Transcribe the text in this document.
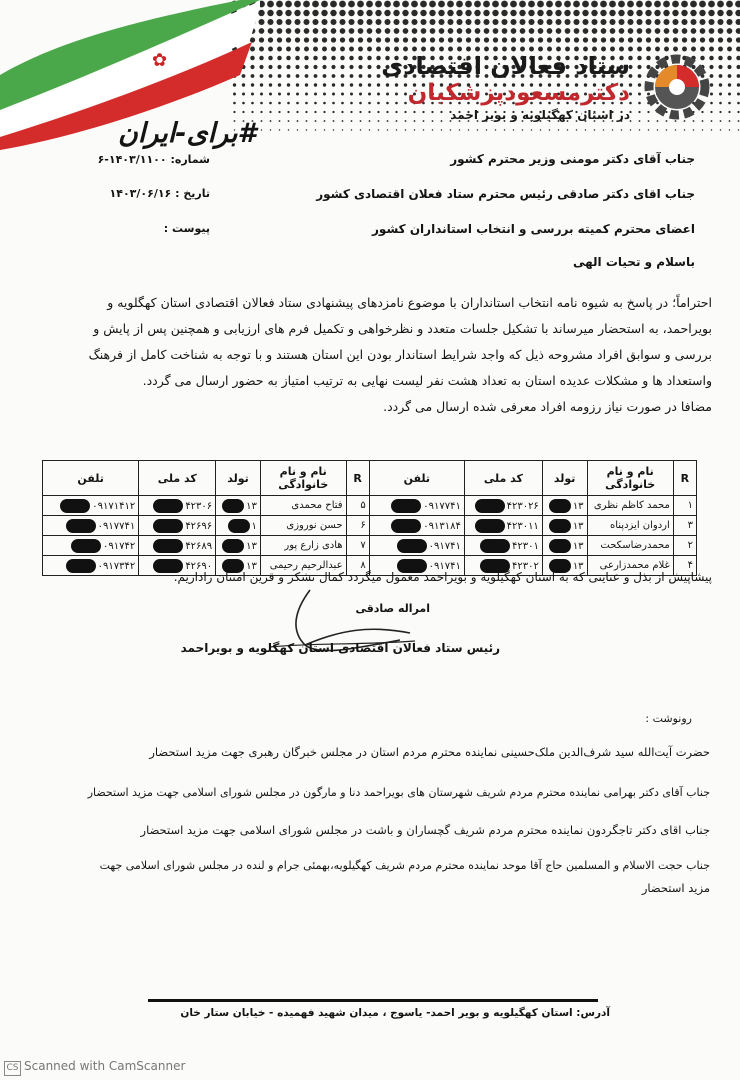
✿	ستاد فعالان اقتصادی
دکترمسعودپزشکیان
در استان کهگیلویه و بویر احمد
#برای-ایران
شماره: ۱۴۰۳/۱۱۰۰-۶
تاریخ : ۱۴۰۳/۰۶/۱۶
پیوست :
جناب آقای دکتر مومنی وزیر محترم کشور
جناب اقای دکتر صادقی رئیس محترم ستاد فعلان اقتصادی کشور
اعضای محترم کمیته بررسی و انتخاب استانداران کشور
باسلام و تحیات الهی
احتراماً؛ در پاسخ به شیوه نامه انتخاب استانداران با موضوع نامزدهای پیشنهادی ستاد فعالان اقتصادی استان کهگلویه و
بویراحمد، به استحضار میرساند با تشکیل جلسات متعدد و نظرخواهی و تکمیل فرم های ارزیابی و همچنین پس از پایش و
بررسی و سوابق افراد مشروحه ذیل که واجد شرایط استاندار بودن این استان هستند و با توجه به شناخت کامل از فرهنگ
واستعداد ها و مشکلات عدیده استان به تعداد هشت نفر لیست نهایی به ترتیب امتیاز به حضور ارسال می گردد.
مضافا در صورت نیاز رزومه افراد معرفی شده ارسال می گردد.
R	نام و نام خانوادگی	تولد	کد ملی	تلفن	R	نام و نام خانوادگی	تولد	کد ملی	تلفن
۱	محمد کاظم نظری	۱۳	۴۲۳۰۲۶	۰۹۱۷۷۴۱	۵	فتاح محمدی	۱۳	۴۲۳۰۶	۰۹۱۷۱۴۱۲
۳	اردوان ایزدپناه	۱۳	۴۲۳۰۱۱	۰۹۱۳۱۸۴	۶	حسن نوروزی	۱	۴۲۶۹۶	۰۹۱۷۷۴۱
۲	محمدرضاسکحت	۱۳	۴۲۳۰۱	۰۹۱۷۴۱	۷	هادی زارع پور	۱۳	۴۲۶۸۹	۰۹۱۷۴۲
۴	غلام محمدزارعی	۱۳	۴۲۳۰۲	۰۹۱۷۴۱	۸	عبدالرحیم رحیمی	۱۳	۴۲۶۹۰	۰۹۱۷۳۴۲
پیشاپیش از بذل و عنایتی که به استان کهگیلویه و بویراحمد معمول میگردد کمال تشکر و قرین امتنان راداریم.
امراله صادقی
رئیس ستاد فعالان اقتصادی استان کهگلویه و بویراحمد
رونوشت :
حضرت آیت‌الله سید شرف‌الدین ملک‌حسینی نماینده محترم مردم استان در مجلس خبرگان رهبری جهت مزید استحضار
جناب آقای دکتر بهرامی نماینده محترم مردم شریف شهرستان های بویراحمد دنا و مارگون در مجلس شورای اسلامی جهت مزید استحضار
جناب اقای دکتر تاجگردون نماینده محترم مردم شریف گچساران و باشت در مجلس شورای اسلامی جهت مزید استحضار
جناب حجت الاسلام و المسلمین حاج آقا موحد نماینده محترم مردم شریف کهگیلویه،بهمئی جرام و لنده در مجلس شورای اسلامی جهت
مزید استحضار
آدرس: استان کهگیلویه و بویر احمد- یاسوج ، میدان شهید فهمیده - خیابان ستار خان
CS Scanned with CamScanner
